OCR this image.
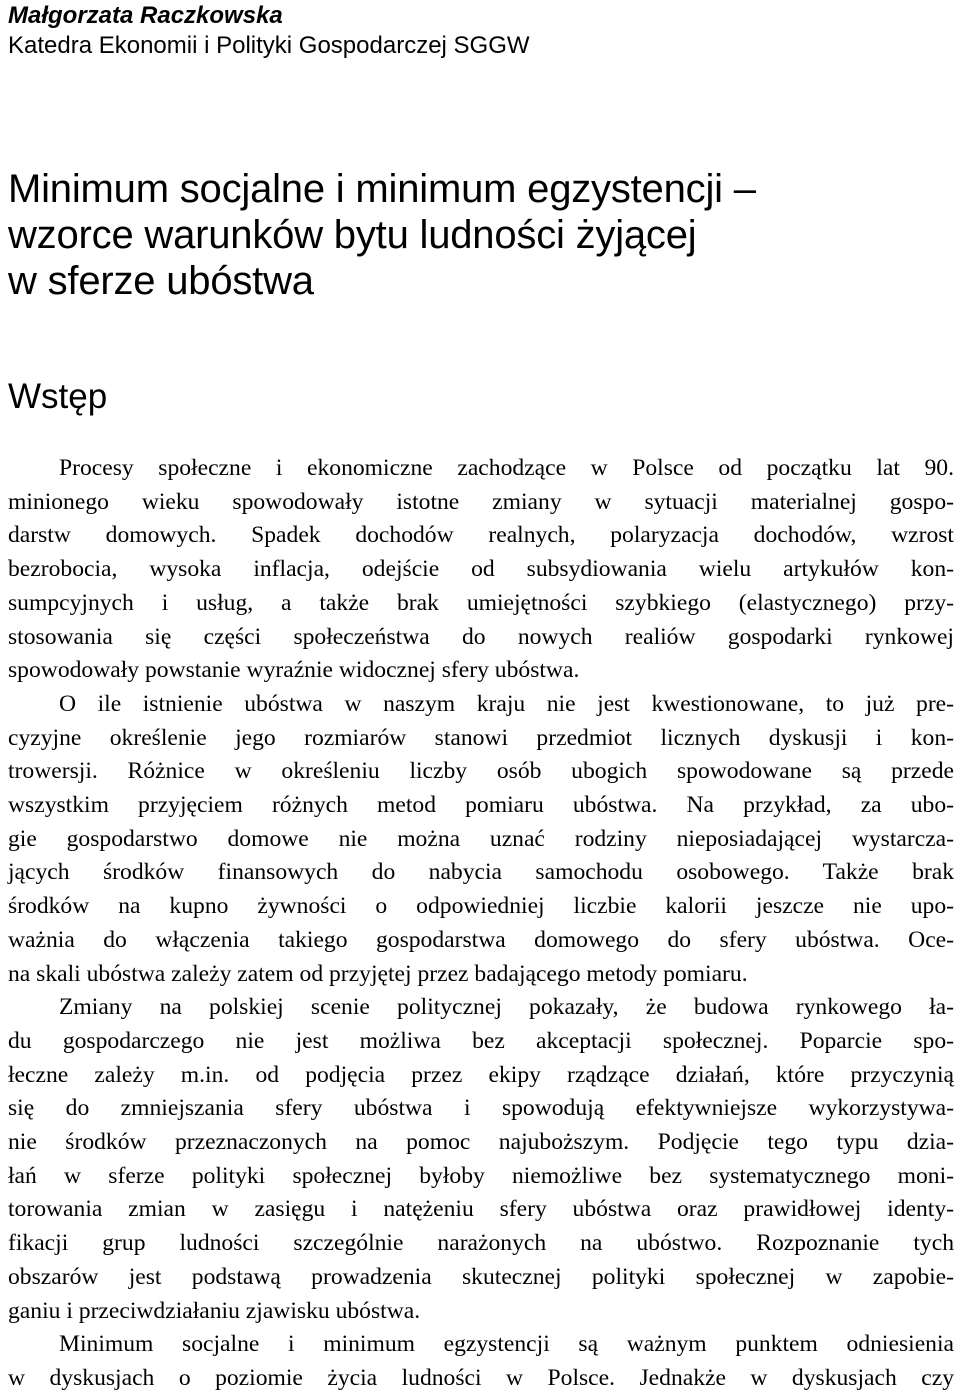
Małgorzata Raczkowska
Katedra Ekonomii i Polityki Gospodarczej SGGW
Minimum socjalne i minimum egzystencji –
wzorce warunków bytu ludności żyjącej
w sferze ubóstwa
Wstęp

Procesy społeczne i ekonomiczne zachodzące w Polsce od początku lat 90.
minionego wieku spowodowały istotne zmiany w sytuacji materialnej gospo-
darstw domowych. Spadek dochodów realnych, polaryzacja dochodów, wzrost
bezrobocia, wysoka inflacja, odejście od subsydiowania wielu artykułów kon-
sumpcyjnych i usług, a także brak umiejętności szybkiego (elastycznego) przy-
stosowania się części społeczeństwa do nowych realiów gospodarki rynkowej
spowodowały powstanie wyraźnie widocznej sfery ubóstwa.

O ile istnienie ubóstwa w naszym kraju nie jest kwestionowane, to już pre-
cyzyjne określenie jego rozmiarów stanowi przedmiot licznych dyskusji i kon-
trowersji. Różnice w określeniu liczby osób ubogich spowodowane są przede
wszystkim przyjęciem różnych metod pomiaru ubóstwa. Na przykład, za ubo-
gie gospodarstwo domowe nie można uznać rodziny nieposiadającej wystarcza-
jących środków finansowych do nabycia samochodu osobowego. Także brak
środków na kupno żywności o odpowiedniej liczbie kalorii jeszcze nie upo-
ważnia do włączenia takiego gospodarstwa domowego do sfery ubóstwa. Oce-
na skali ubóstwa zależy zatem od przyjętej przez badającego metody pomiaru.

Zmiany na polskiej scenie politycznej pokazały, że budowa rynkowego ła-
du gospodarczego nie jest możliwa bez akceptacji społecznej. Poparcie spo-
łeczne zależy m.in. od podjęcia przez ekipy rządzące działań, które przyczynią
się do zmniejszania sfery ubóstwa i spowodują efektywniejsze wykorzystywa-
nie środków przeznaczonych na pomoc najuboższym. Podjęcie tego typu dzia-
łań w sferze polityki społecznej byłoby niemożliwe bez systematycznego moni-
torowania zmian w zasięgu i natężeniu sfery ubóstwa oraz prawidłowej identy-
fikacji grup ludności szczególnie narażonych na ubóstwo. Rozpoznanie tych
obszarów jest podstawą prowadzenia skutecznej polityki społecznej w zapobie-
ganiu i przeciwdziałaniu zjawisku ubóstwa.

Minimum socjalne i minimum egzystencji są ważnym punktem odniesienia
w dyskusjach o poziomie życia ludności w Polsce. Jednakże w dyskusjach czy
